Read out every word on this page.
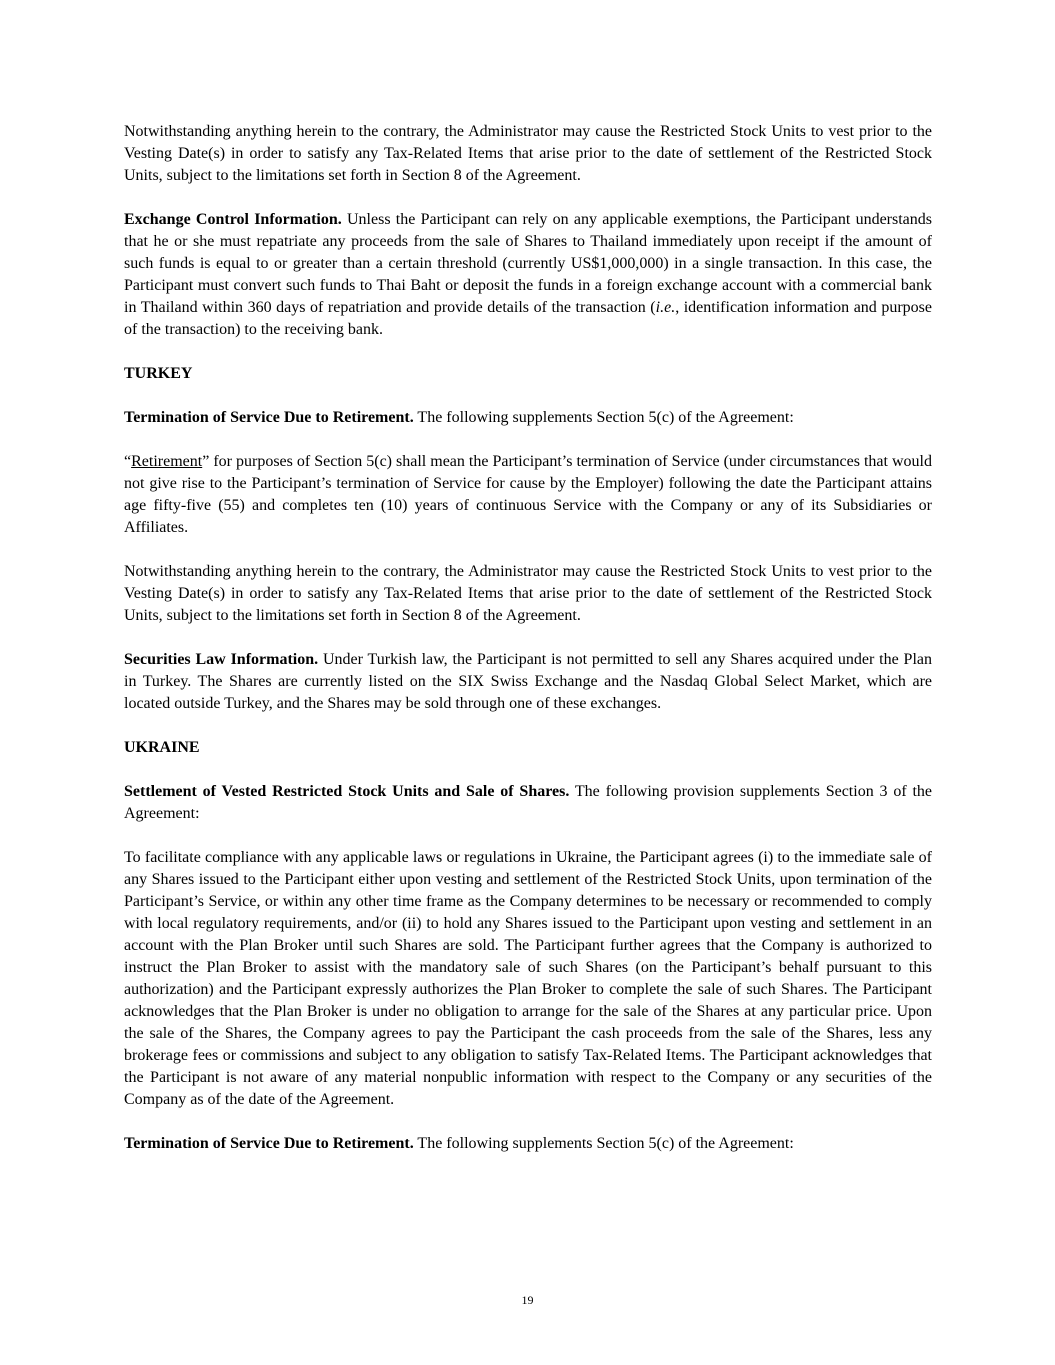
Notwithstanding anything herein to the contrary, the Administrator may cause the Restricted Stock Units to vest prior to the Vesting Date(s) in order to satisfy any Tax-Related Items that arise prior to the date of settlement of the Restricted Stock Units, subject to the limitations set forth in Section 8 of the Agreement.

Exchange Control Information. Unless the Participant can rely on any applicable exemptions, the Participant understands that he or she must repatriate any proceeds from the sale of Shares to Thailand immediately upon receipt if the amount of such funds is equal to or greater than a certain threshold (currently US$1,000,000) in a single transaction. In this case, the Participant must convert such funds to Thai Baht or deposit the funds in a foreign exchange account with a commercial bank in Thailand within 360 days of repatriation and provide details of the transaction (i.e., identification information and purpose of the transaction) to the receiving bank.

TURKEY

Termination of Service Due to Retirement. The following supplements Section 5(c) of the Agreement:

“Retirement” for purposes of Section 5(c) shall mean the Participant’s termination of Service (under circumstances that would not give rise to the Participant’s termination of Service for cause by the Employer) following the date the Participant attains age fifty-five (55) and completes ten (10) years of continuous Service with the Company or any of its Subsidiaries or Affiliates.

Notwithstanding anything herein to the contrary, the Administrator may cause the Restricted Stock Units to vest prior to the Vesting Date(s) in order to satisfy any Tax-Related Items that arise prior to the date of settlement of the Restricted Stock Units, subject to the limitations set forth in Section 8 of the Agreement.

Securities Law Information. Under Turkish law, the Participant is not permitted to sell any Shares acquired under the Plan in Turkey. The Shares are currently listed on the SIX Swiss Exchange and the Nasdaq Global Select Market, which are located outside Turkey, and the Shares may be sold through one of these exchanges.

UKRAINE

Settlement of Vested Restricted Stock Units and Sale of Shares. The following provision supplements Section 3 of the Agreement:

To facilitate compliance with any applicable laws or regulations in Ukraine, the Participant agrees (i) to the immediate sale of any Shares issued to the Participant either upon vesting and settlement of the Restricted Stock Units, upon termination of the Participant’s Service, or within any other time frame as the Company determines to be necessary or recommended to comply with local regulatory requirements, and/or (ii) to hold any Shares issued to the Participant upon vesting and settlement in an account with the Plan Broker until such Shares are sold. The Participant further agrees that the Company is authorized to instruct the Plan Broker to assist with the mandatory sale of such Shares (on the Participant’s behalf pursuant to this authorization) and the Participant expressly authorizes the Plan Broker to complete the sale of such Shares. The Participant acknowledges that the Plan Broker is under no obligation to arrange for the sale of the Shares at any particular price. Upon the sale of the Shares, the Company agrees to pay the Participant the cash proceeds from the sale of the Shares, less any brokerage fees or commissions and subject to any obligation to satisfy Tax-Related Items. The Participant acknowledges that the Participant is not aware of any material nonpublic information with respect to the Company or any securities of the Company as of the date of the Agreement.

Termination of Service Due to Retirement. The following supplements Section 5(c) of the Agreement:

19
